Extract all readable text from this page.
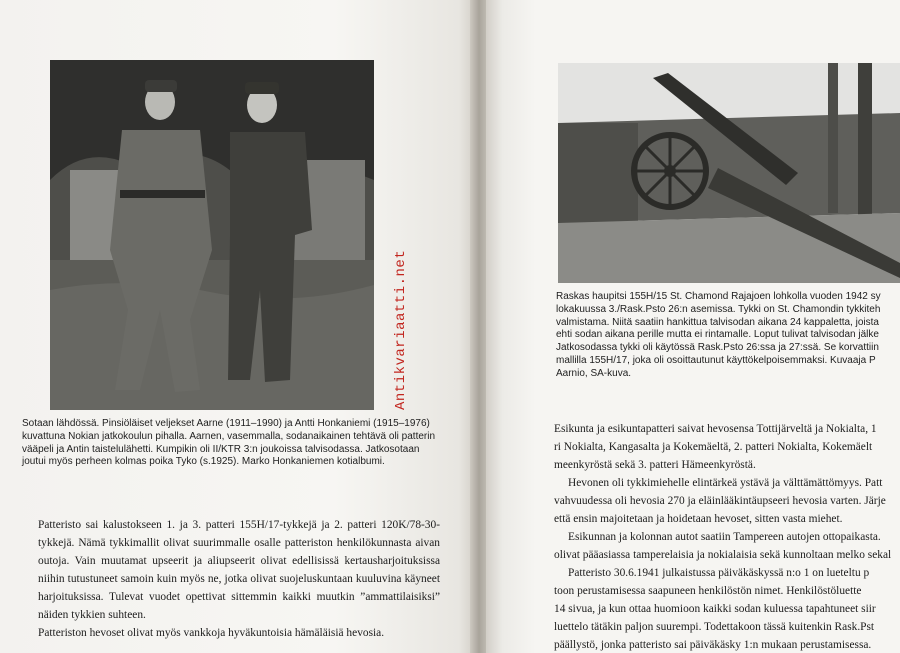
Sotaan lähdössä. Pinsiöläiset veljekset Aarne (1911–1990) ja Antti Honkaniemi (1915–1976) kuvattuna Nokian jatkokoulun pihalla. Aarnen, vasemmalla, sodanaikainen tehtävä oli patterin vääpeli ja Antin taistelulähetti. Kumpikin oli II/KTR 3:n joukoissa talvisodassa. Jatkosotaan joutui myös perheen kolmas poika Tyko (s.1925). Marko Honkaniemen kotialbumi.

Patteristo sai kalustokseen 1. ja 3. patteri 155H/17-tykkejä ja 2. patteri 120K/78-30-tykkejä. Nämä tykkimallit olivat suurimmalle osalle patteriston henkilökunnasta aivan outoja. Vain muutamat upseerit ja aliupseerit olivat edellisissä kertausharjoituksissa niihin tutustuneet samoin kuin myös ne, jotka olivat suojeluskuntaan kuuluvina käyneet harjoituksissa. Tulevat vuodet opettivat sittemmin kaikki muutkin ”ammattilaisiksi” näiden tykkien suhteen.

Patteriston hevoset olivat myös vankkoja hyväkuntoisia hämäläisiä hevosia.

Antikvariaatti.net	Raskas haupitsi 155H/15 St. Chamond Rajajoen lohkolla vuoden 1942 sy
lokakuussa 3./Rask.Psto 26:n asemissa. Tykki on St. Chamondin tykkiteh
valmistama. Niitä saatiin hankittua talvisodan aikana 24 kappaletta, joista
ehti sodan aikana perille mutta ei rintamalle. Loput tulivat talvisodan jälke
Jatkosodassa tykki oli käytössä Rask.Psto 26:ssa ja 27:ssä. Se korvattiin
mallilla 155H/17, joka oli osoittautunut käyttökelpoisemmaksi. Kuvaaja P
Aarnio, SA-kuva.

Esikunta ja esikuntapatteri saivat hevosensa Tottijärveltä ja Nokialta, 1

ri Nokialta, Kangasalta ja Kokemäeltä, 2. patteri Nokialta, Kokemäelt

meenkyröstä sekä 3. patteri Hämeenkyröstä.

Hevonen oli tykkimiehelle elintärkeä ystävä ja välttämättömyys. Patt

vahvuudessa oli hevosia 270 ja eläinlääkintäupseeri hevosia varten. Järje

että ensin majoitetaan ja hoidetaan hevoset, sitten vasta miehet.

Esikunnan ja kolonnan autot saatiin Tampereen autojen ottopaikasta.

olivat pääasiassa tamperelaisia ja nokialaisia sekä kunnoltaan melko sekal

Patteristo 30.6.1941 julkaistussa päiväkäskyssä n:o 1 on lueteltu p

toon perustamisessa saapuneen henkilöstön nimet. Henkilöstöluette

14 sivua, ja kun ottaa huomioon kaikki sodan kuluessa tapahtuneet siir

luettelo tätäkin paljon suurempi. Todettakoon tässä kuitenkin Rask.Pst

päällystö, jonka patteristo sai päiväkäsky 1:n mukaan perustamisessa.
